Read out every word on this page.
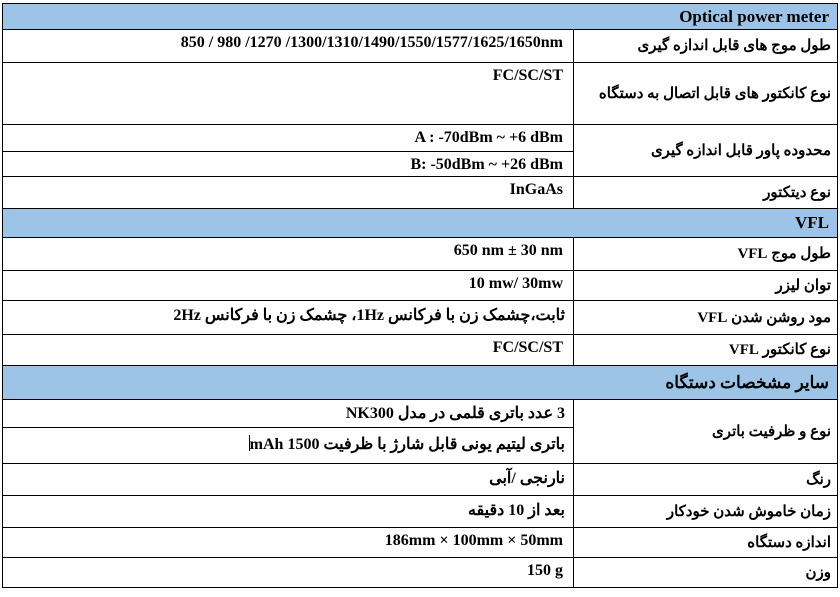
Optical power meter	
850 / 980 /1270 /1300/1310/1490/1550/1577/1625/1650nm	طول موج های قابل اندازه گیری
FC/SC/ST	نوع کانکتور های قابل اتصال به دستگاه

A : -70dBm ~ +6 dBm
B: -50dBm ~ +26 dBm	محدوده پاور قابل اندازه گیری
InGaAs	نوع دیتکتور
VFL	
650 nm ± 30 nm	طول موج VFL
10 mw/ 30mw	توان لیزر
ثابت،چشمک زن با فرکانس 1Hz، چشمک زن با فرکانس 2Hz	مود روشن شدن VFL
FC/SC/ST	نوع کانکتور VFL
سایر مشخصات دستگاه	

3 عدد باتری قلمی در مدل NK300
باتری لیتیم یونی قابل شارژ با ظرفیت 1500 mAh	نوع و ظرفیت باتری
نارنجی /آبی	رنگ
بعد از 10 دقیقه	زمان خاموش شدن خودکار
186mm × 100mm × 50mm	اندازه دستگاه
150 g	وزن
